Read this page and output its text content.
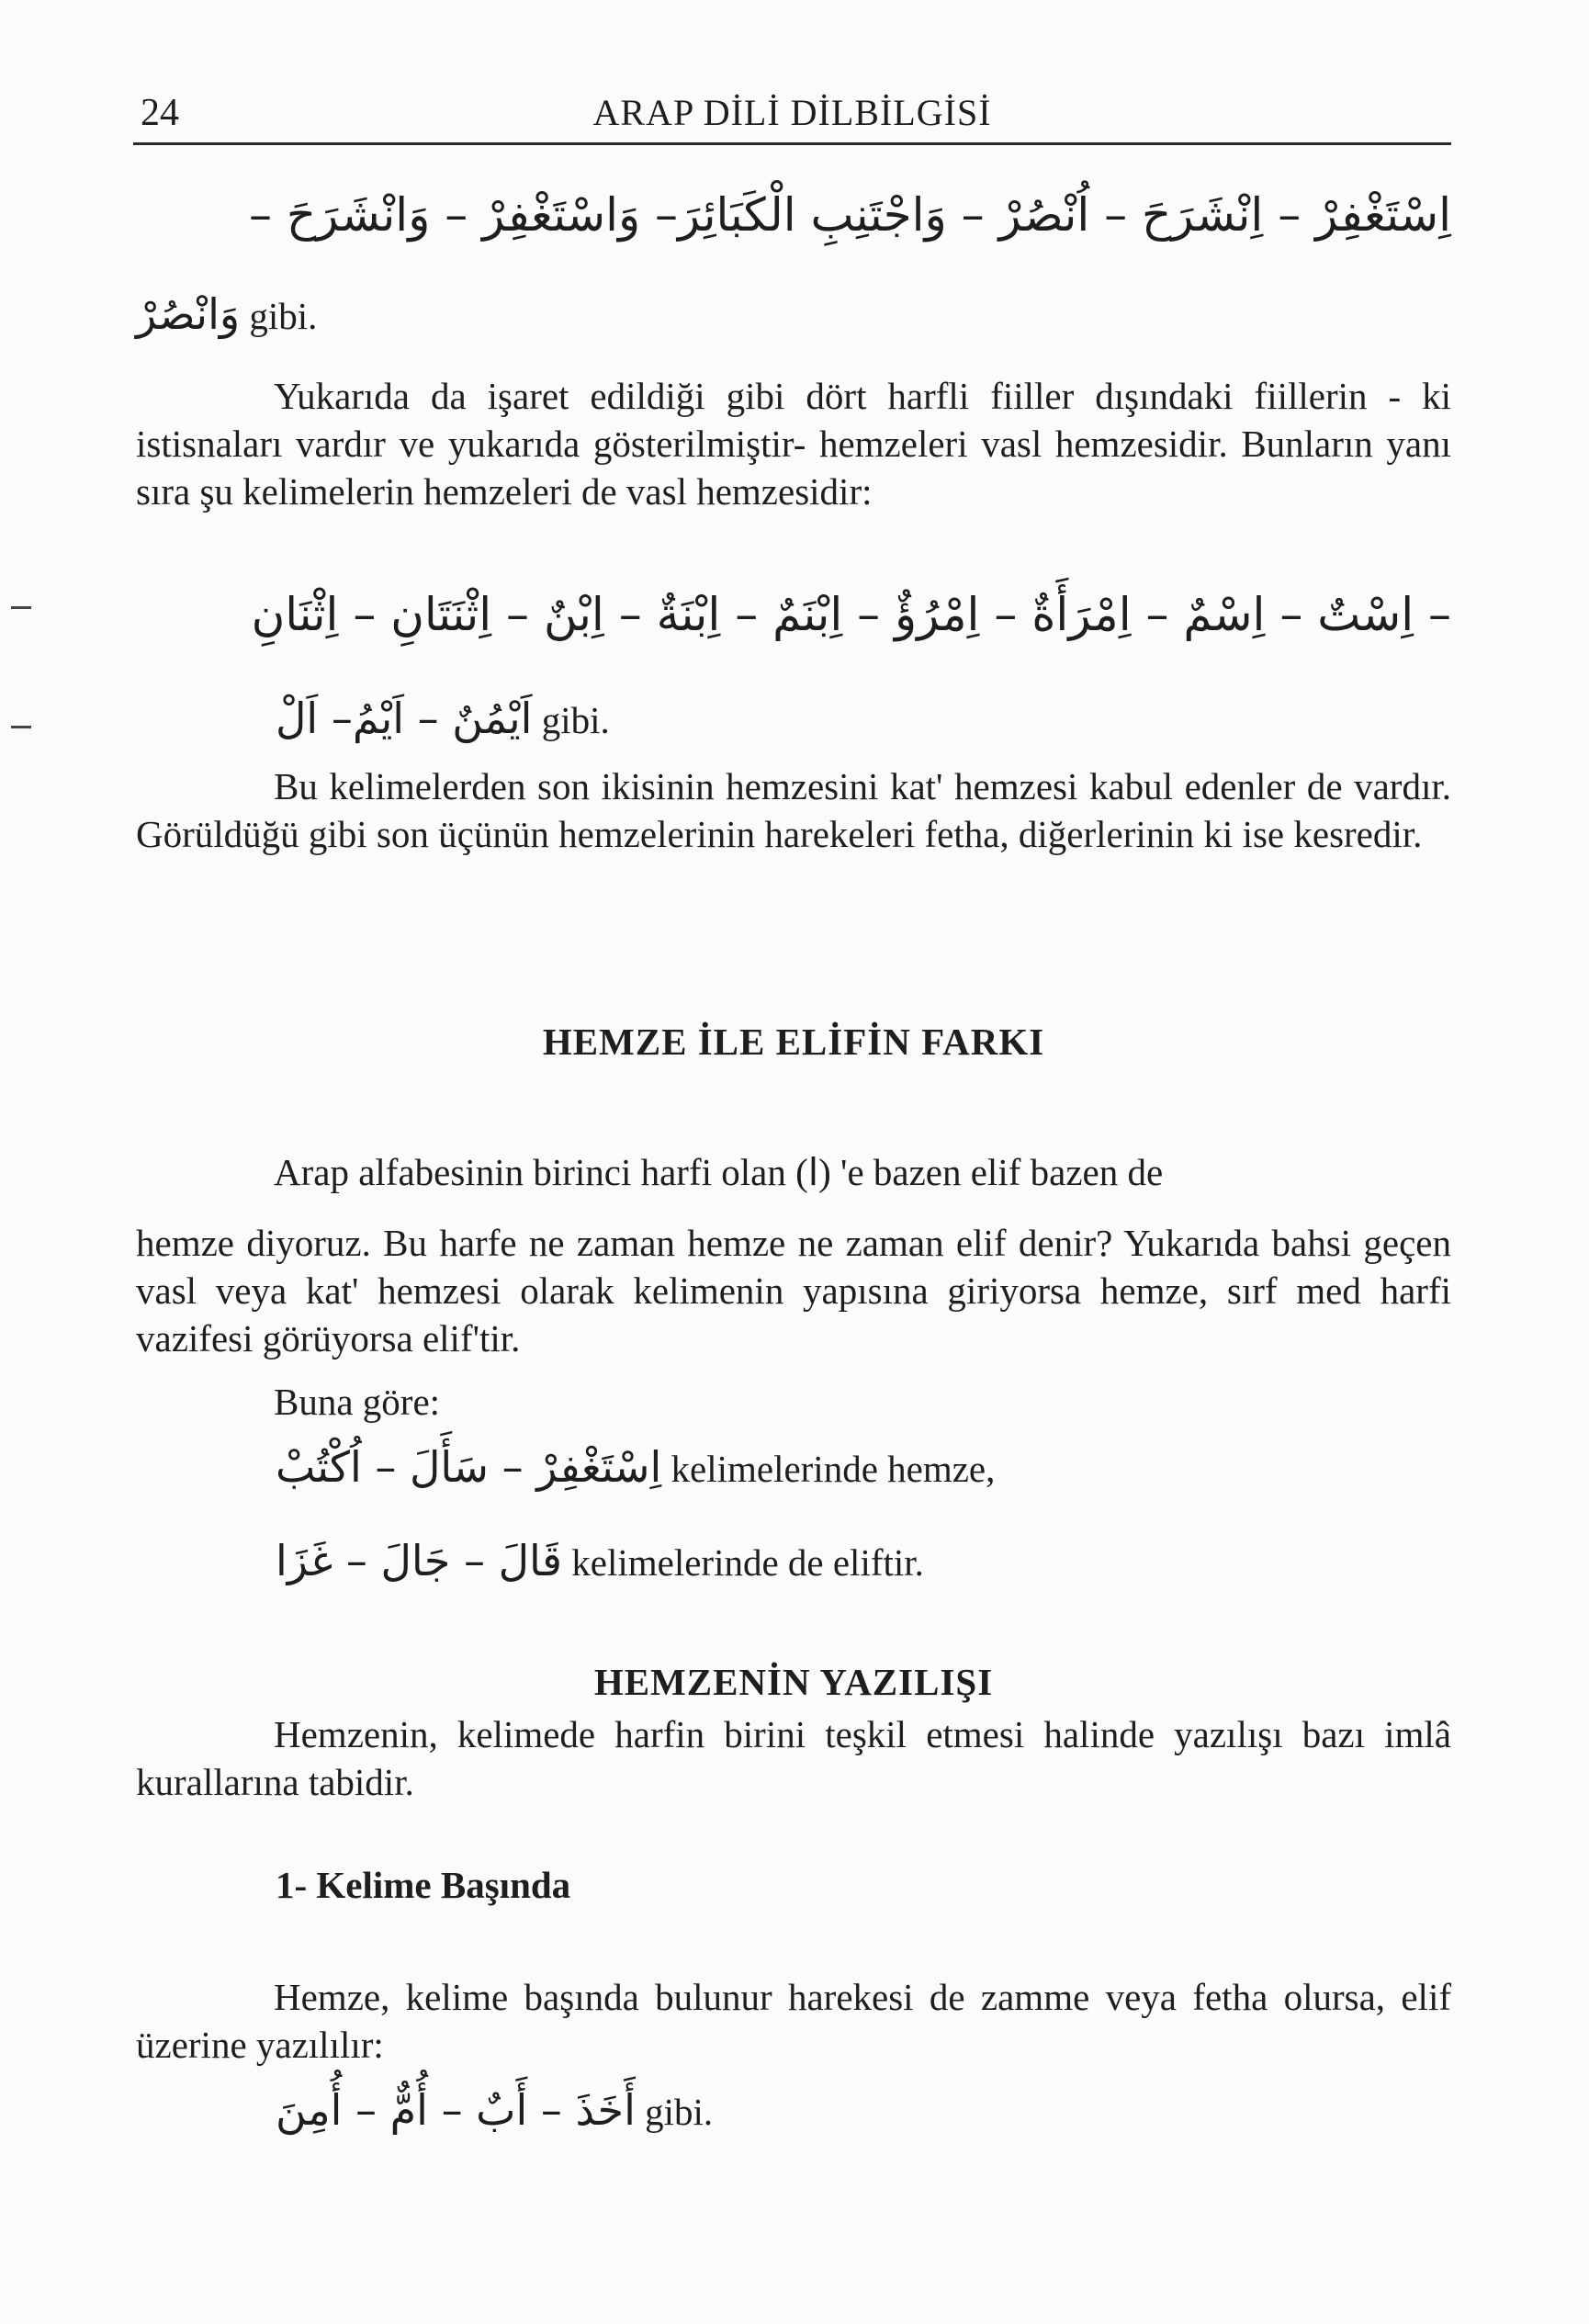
24	ARAP DİLİ DİLBİLGİSİ
اِسْتَغْفِرْ – اِنْشَرَحَ – اُنْصُرْ – وَاجْتَنِبِ الْكَبَائِرَ– وَاسْتَغْفِرْ – وَانْشَرَحَ –
وَانْصُرْ gibi.
Yukarıda da işaret edildiği gibi dört harfli fiiller dışındaki fiillerin - ki istisnaları vardır ve yukarıda gösterilmiştir- hemzeleri vasl hemzesidir. Bunların yanı sıra şu kelimelerin hemzeleri de vasl hemzesidir:
– اِسْتٌ – اِسْمٌ – اِمْرَأَةٌ – اِمْرُؤٌ – اِبْنَمٌ – اِبْنَةٌ – اِبْنٌ – اِثْنَتَانِ – اِثْنَانِ
اَيْمُنٌ – اَيْمُ– اَلْ gibi.
Bu kelimelerden son ikisinin hemzesini kat' hemzesi kabul edenler de vardır. Görüldüğü gibi son üçünün hemzelerinin harekeleri fetha, diğerlerinin ki ise kesredir.
HEMZE İLE ELİFİN FARKI
Arap alfabesinin birinci harfi olan (ا) 'e bazen elif bazen de
hemze diyoruz. Bu harfe ne zaman hemze ne zaman elif denir? Yukarıda bahsi geçen vasl veya kat' hemzesi olarak kelimenin yapısına giriyorsa hemze, sırf med harfi vazifesi görüyorsa elif'tir.
Buna göre:
اِسْتَغْفِرْ – سَأَلَ – اُكْتُبْ kelimelerinde hemze,
قَالَ – جَالَ – غَزَا kelimelerinde de eliftir.
HEMZENİN YAZILIŞI
Hemzenin, kelimede harfin birini teşkil etmesi halinde yazılışı bazı imlâ kurallarına tabidir.
1- Kelime Başında
Hemze, kelime başında bulunur harekesi de zamme veya fetha olursa, elif üzerine yazılılır:
أَخَذَ – أَبٌ – أُمٌّ – أُمِنَ gibi.
